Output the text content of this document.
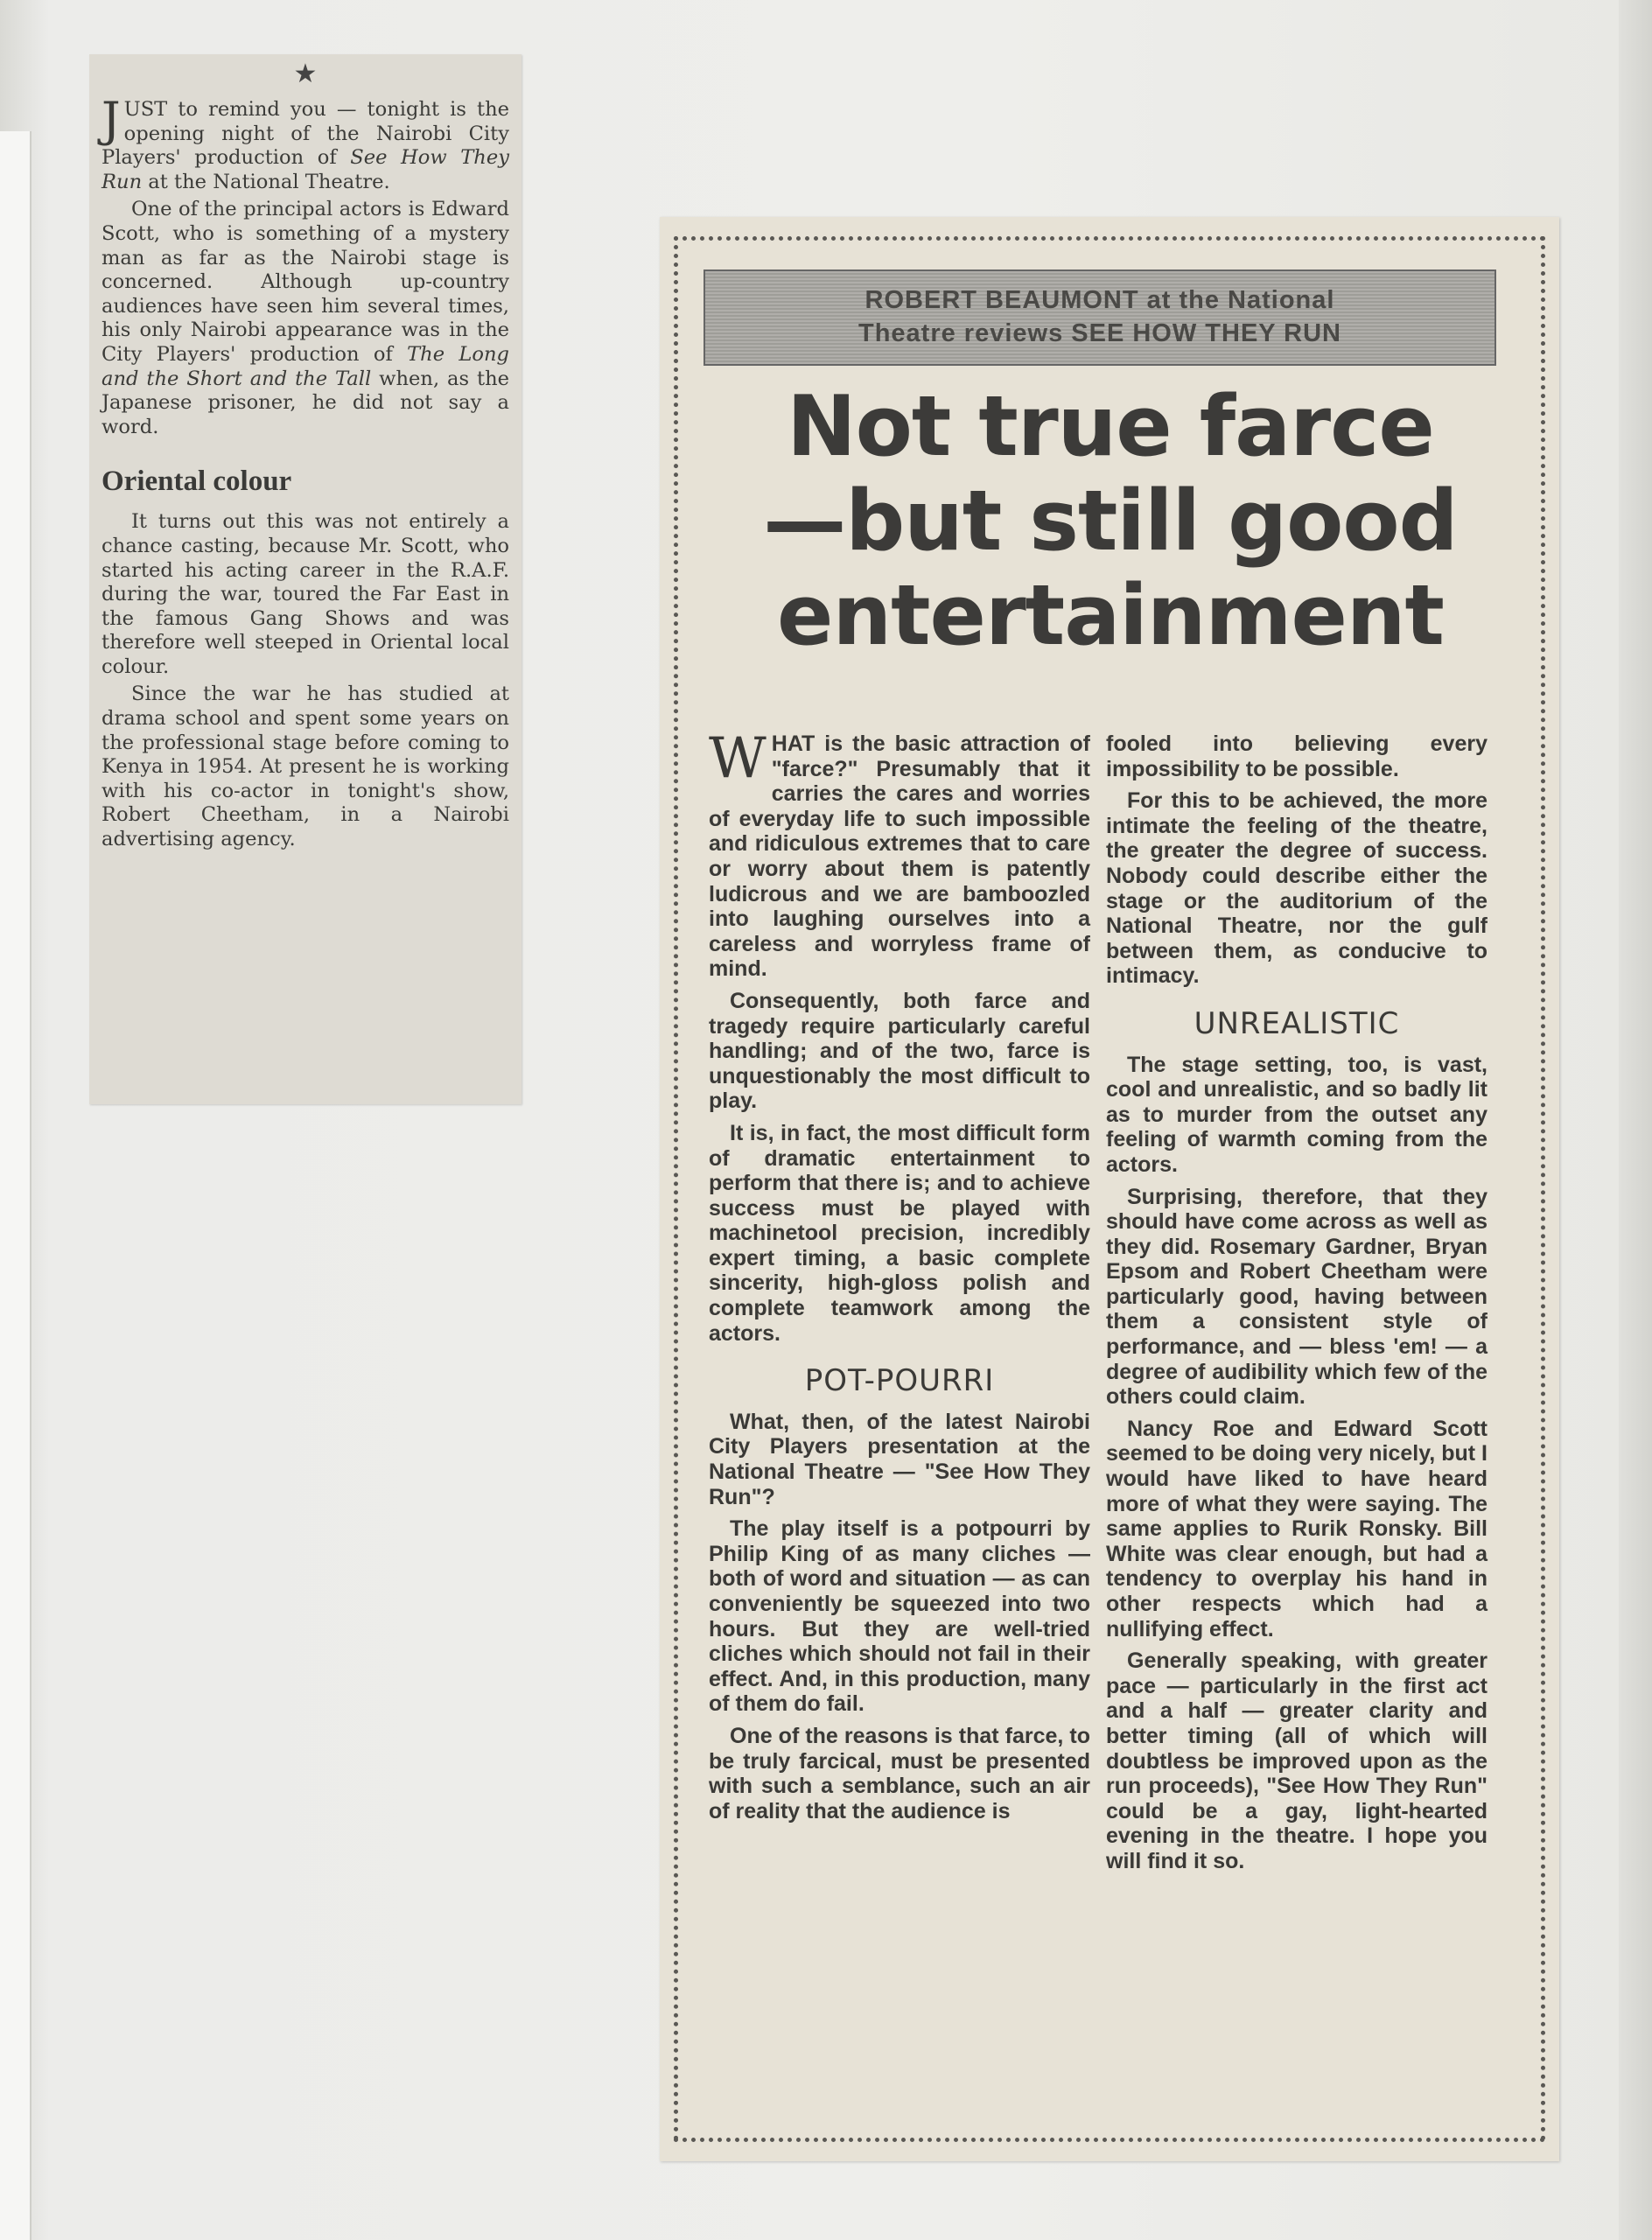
★

JUST to remind you — tonight is the opening night of the Nairobi City Players' production of See How They Run at the National Theatre.

One of the principal actors is Edward Scott, who is something of a mystery man as far as the Nairobi stage is concerned. Although up-country audiences have seen him several times, his only Nairobi appearance was in the City Players' production of The Long and the Short and the Tall when, as the Japanese prisoner, he did not say a word.

Oriental colour

It turns out this was not entirely a chance casting, because Mr. Scott, who started his acting career in the R.A.F. during the war, toured the Far East in the famous Gang Shows and was therefore well steeped in Oriental local colour.

Since the war he has studied at drama school and spent some years on the professional stage before coming to Kenya in 1954. At present he is working with his co-actor in tonight's show, Robert Cheetham, in a Nairobi advertising agency.

ROBERT BEAUMONT at the National
Theatre reviews SEE HOW THEY RUN
Not true farce
—but still good
entertainment

WHAT is the basic attraction of "farce?" Presumably that it carries the cares and worries of everyday life to such impossible and ridiculous extremes that to care or worry about them is patently ludicrous and we are bamboozled into laughing ourselves into a careless and worryless frame of mind.

Consequently, both farce and tragedy require particularly careful handling; and of the two, farce is unquestionably the most difficult to play.

It is, in fact, the most difficult form of dramatic entertainment to perform that there is; and to achieve success must be played with machinetool precision, incredibly expert timing, a basic complete sincerity, high-gloss polish and complete teamwork among the actors.

POT-POURRI

What, then, of the latest Nairobi City Players presentation at the National Theatre — "See How They Run"?

The play itself is a potpourri by Philip King of as many cliches — both of word and situation — as can conveniently be squeezed into two hours. But they are well-tried cliches which should not fail in their effect. And, in this production, many of them do fail.

One of the reasons is that farce, to be truly farcical, must be presented with such a semblance, such an air of reality that the audience is

fooled into believing every impossibility to be possible.

For this to be achieved, the more intimate the feeling of the theatre, the greater the degree of success. Nobody could describe either the stage or the auditorium of the National Theatre, nor the gulf between them, as conducive to intimacy.

UNREALISTIC

The stage setting, too, is vast, cool and unrealistic, and so badly lit as to murder from the outset any feeling of warmth coming from the actors.

Surprising, therefore, that they should have come across as well as they did. Rosemary Gardner, Bryan Epsom and Robert Cheetham were particularly good, having between them a consistent style of performance, and — bless 'em! — a degree of audibility which few of the others could claim.

Nancy Roe and Edward Scott seemed to be doing very nicely, but I would have liked to have heard more of what they were saying. The same applies to Rurik Ronsky. Bill White was clear enough, but had a tendency to overplay his hand in other respects which had a nullifying effect.

Generally speaking, with greater pace — particularly in the first act and a half — greater clarity and better timing (all of which will doubtless be improved upon as the run proceeds), "See How They Run" could be a gay, light-hearted evening in the theatre. I hope you will find it so.
